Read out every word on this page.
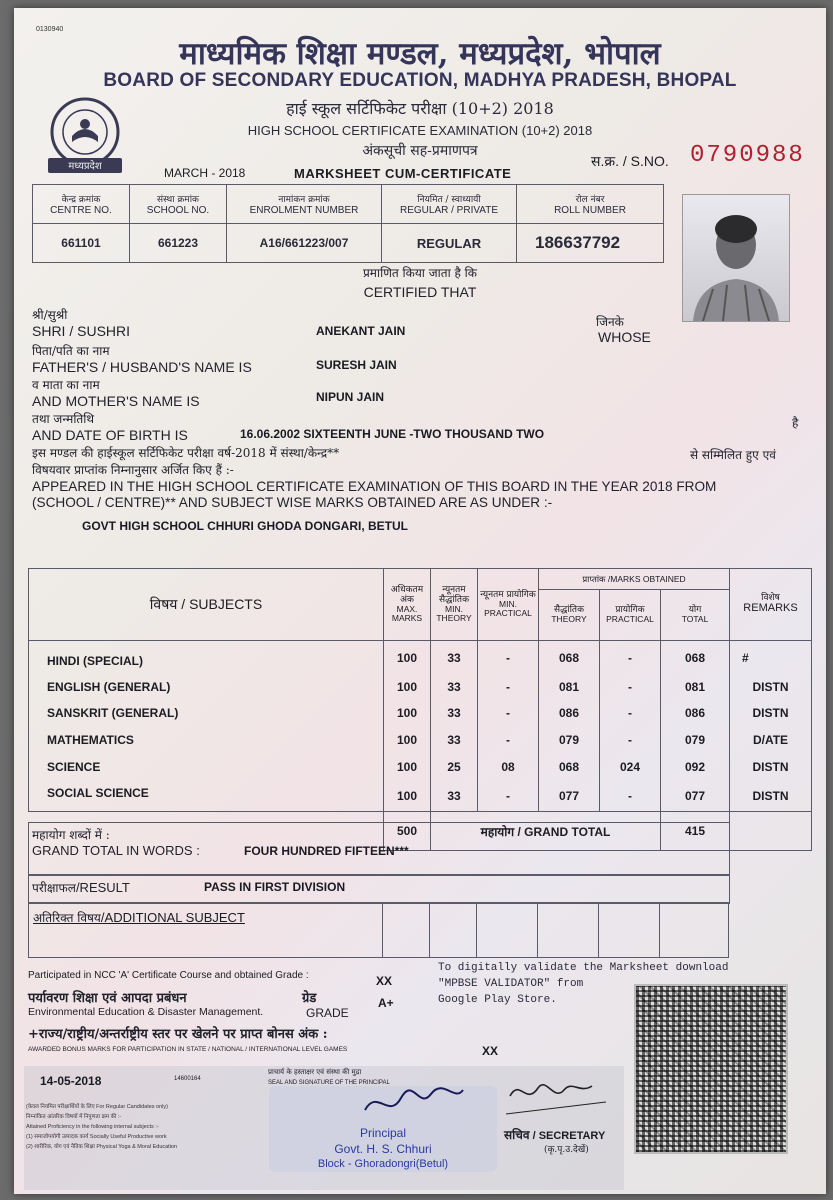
0130940
मध्यप्रदेश
माध्यमिक शिक्षा मण्डल, मध्यप्रदेश, भोपाल
BOARD OF SECONDARY EDUCATION, MADHYA PRADESH, BHOPAL
हाई स्कूल सर्टिफिकेट परीक्षा (10+2) 2018
HIGH SCHOOL CERTIFICATE EXAMINATION (10+2) 2018
अंकसूची सह-प्रमाणपत्र
MARCH - 2018	MARKSHEET CUM-CERTIFICATE
स.क्र. / S.NO. 0790988
केन्द्र क्रमांक
CENTRE NO.	संस्था क्रमांक
SCHOOL NO.	नामांकन क्रमांक
ENROLMENT NUMBER	नियमित / स्वाध्यायी
REGULAR / PRIVATE	रोल नंबर
ROLL NUMBER
661101	661223	A16/661223/007	REGULAR	186637792
प्रमाणित किया जाता है कि
CERTIFIED THAT
श्री/सुश्री
SHRI / SUSHRI	ANEKANT JAIN
जिनके
WHOSE
पिता/पति का नाम
FATHER'S / HUSBAND'S NAME IS	SURESH JAIN
व माता का नाम
AND MOTHER'S NAME IS	NIPUN JAIN
तथा जन्मतिथि
AND DATE OF BIRTH IS	16.06.2002 SIXTEENTH JUNE -TWO THOUSAND TWO
है
इस मण्डल की हाईस्कूल सर्टिफिकेट परीक्षा वर्ष-2018 में संस्था/केन्द्र**	से सम्मिलित हुए एवं
विषयवार प्राप्तांक निम्नानुसार अर्जित किए हैं :-
APPEARED IN THE HIGH SCHOOL CERTIFICATE EXAMINATION OF THIS BOARD IN THE YEAR 2018 FROM
(SCHOOL / CENTRE)** AND SUBJECT WISE MARKS OBTAINED ARE AS UNDER :-
GOVT HIGH SCHOOL CHHURI GHODA DONGARI, BETUL
विषय / SUBJECTS	अधिकतम अंक
MAX. MARKS	न्यूनतम सैद्धांतिक
MIN. THEORY	न्यूनतम प्रायोगिक
MIN. PRACTICAL	प्राप्तांक /MARKS OBTAINED			विशेष
REMARKS

				सैद्धांतिक
THEORY	प्रायोगिक
PRACTICAL	योग
TOTAL	
HINDI (SPECIAL)	100	33	-	068	-	068	#
ENGLISH (GENERAL)	100	33	-	081	-	081	DISTN
SANSKRIT (GENERAL)	100	33	-	086	-	086	DISTN
MATHEMATICS	100	33	-	079	-	079	D/ATE
SCIENCE	100	25	08	068	024	092	DISTN
SOCIAL SCIENCE	100	33	-	077	-	077	DISTN
	500	महायोग / GRAND TOTAL				415	
महायोग शब्दों में :
GRAND TOTAL IN WORDS :	FOUR HUNDRED FIFTEEN***
परीक्षाफल/RESULT	PASS IN FIRST DIVISION
अतिरिक्त विषय/ADDITIONAL SUBJECT						
Participated in NCC 'A' Certificate Course and obtained Grade :	XX
पर्यावरण शिक्षा एवं आपदा प्रबंधन	ग्रेड	A+
Environmental Education & Disaster Management.	GRADE
+राज्य/राष्ट्रीय/अन्तर्राष्ट्रीय स्तर पर खेलने पर प्राप्त बोनस अंक :
AWARDED BONUS MARKS FOR PARTICIPATION IN STATE / NATIONAL / INTERNATIONAL LEVEL GAMES	XX
To digitally validate the Marksheet download
"MPBSE VALIDATOR" from
Google Play Store.
14-05-2018	14600164
प्राचार्य के हस्ताक्षर एवं संस्था की मुद्रा
SEAL AND SIGNATURE OF THE PRINCIPAL
(केवल नियमित परीक्षार्थियों के लिए For Regular Candidates only)
निम्नांकित आंतरिक विषयों में निपुणता क्रम की :-
Attained Proficiency in the following internal subjects :-
(1) समाजोपयोगी उत्पादक कार्य Socially Useful Productive work
(2) शारीरिक, योग एवं नैतिक शिक्षा Physical Yoga & Moral Education
Principal
Govt. H. S. Chhuri
Block - Ghoradongri(Betul)
सचिव / SECRETARY
(कृ.पृ.उ.देखें)
